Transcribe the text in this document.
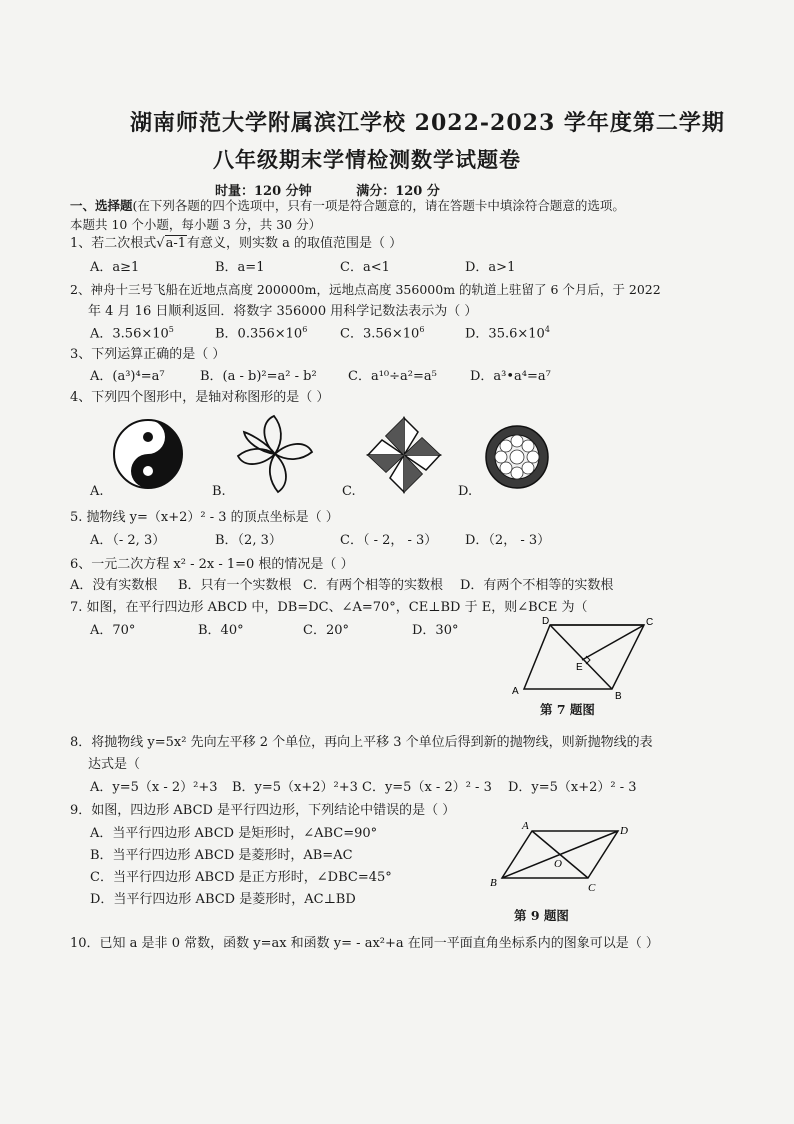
湖南师范大学附属滨江学校 2022-2023 学年度第二学期
八年级期末学情检测数学试题卷
时量：120 分钟	满分：120 分
一、选择题(在下列各题的四个选项中，只有一项是符合题意的，请在答题卡中填涂符合题意的选项。
本题共 10 个小题，每小题 3 分，共 30 分）
1、若二次根式√a-1有意义，则实数 a 的取值范围是（ ）
A．a≥1	B．a=1	C．a<1	D．a>1
2、神舟十三号飞船在近地点高度 200000m，远地点高度 356000m 的轨道上驻留了 6 个月后，于 2022
年 4 月 16 日顺利返回．将数字 356000 用科学记数法表示为（ ）
A．$3.56\times 10^5$	B．$0.356\times 10^6$	C．$3.56\times 10^6$	D．$35.6\times 10^4$
3、下列运算正确的是（ ）
A．(a³)⁴=a⁷	B．(a - b)²=a² - b² C．a¹⁰÷a²=a⁵	D．a³•a⁴=a⁷
4、下列四个图形中，是轴对称图形的是（ ）
A.	B.	C.	D.
5. 抛物线 y=（x+2）² - 3 的顶点坐标是（ ）
A．（- 2, 3）	B．（2, 3）	C．（ - 2， - 3） D．（2， - 3）
6、一元二次方程 x² - 2x - 1=0 根的情况是（ ）
A．没有实数根 B．只有一个实数根 C．有两个相等的实数根 D．有两个不相等的实数根
7. 如图，在平行四边形 ABCD 中，DB=DC、∠A=70°，CE⊥BD 于 E，则∠BCE 为（
A．70°	B．40°	C．20°	D．30°
A	B
C
D
E
第 7 题图
8．将抛物线 y=5x² 先向左平移 2 个单位，再向上平移 3 个单位后得到新的抛物线，则新抛物线的表
达式是（
A．y=5（x - 2）²+3 B．y=5（x+2）²+3 C．y=5（x - 2）² - 3 D．y=5（x+2）² - 3
9．如图，四边形 ABCD 是平行四边形，下列结论中错误的是（ ）
A．当平行四边形 ABCD 是矩形时，∠ABC=90°
B．当平行四边形 ABCD 是菱形时，AB=AC
C．当平行四边形 ABCD 是正方形时，∠DBC=45°
D．当平行四边形 ABCD 是菱形时，AC⊥BD
A	D
B	C
O
第 9 题图
10．已知 a 是非 0 常数，函数 y=ax 和函数 y= - ax²+a 在同一平面直角坐标系内的图象可以是（ ）
